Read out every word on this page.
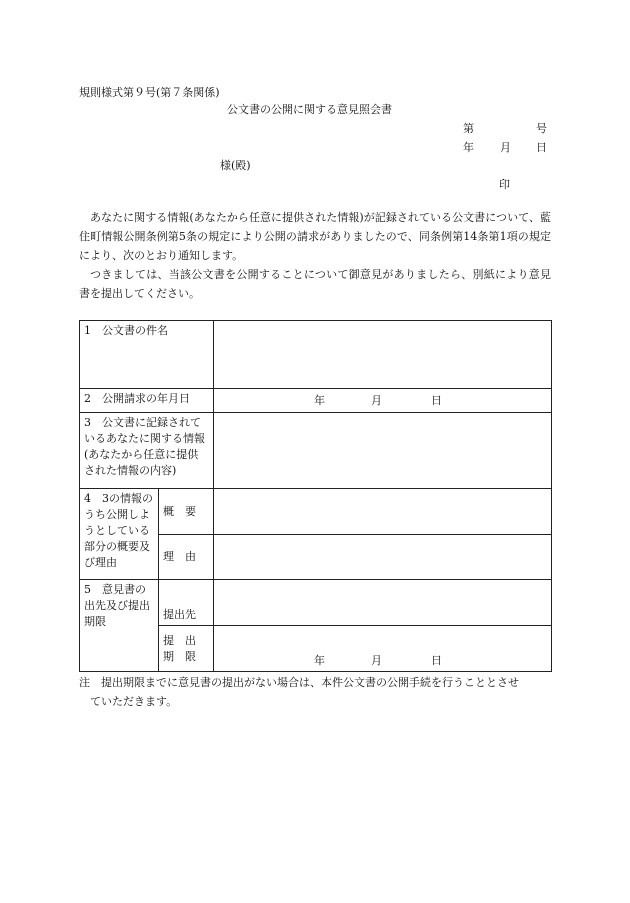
規則様式第９号(第７条関係)
公文書の公開に関する意見照会書
第	号
年 月 日
様(殿)
印
あなたに関する情報(あなたから任意に提供された情報)が記録されている公文書について、藍住町情報公開条例第5条の規定により公開の請求がありましたので、同条例第14条第1項の規定により、次のとおり通知します。
つきましては、当該公文書を公開することについて御意見がありましたら、別紙により意見書を提出してください。
1　公文書の件名		

2　公開請求の年月日		年 月 日

3　公文書に記録されているあなたに関する情報(あなたから任意に提供された情報の内容)		

4　3の情報のうち公開しようとしている部分の概要及び理由	概　要	
	理　由	

5　意見書の出先及び提出期限	提出先	

	提　出
期　限	年 月 日
注　 提出期限までに意見書の提出がない場合は、本件公文書の公開手続を行うこととさせ
ていただきます。
